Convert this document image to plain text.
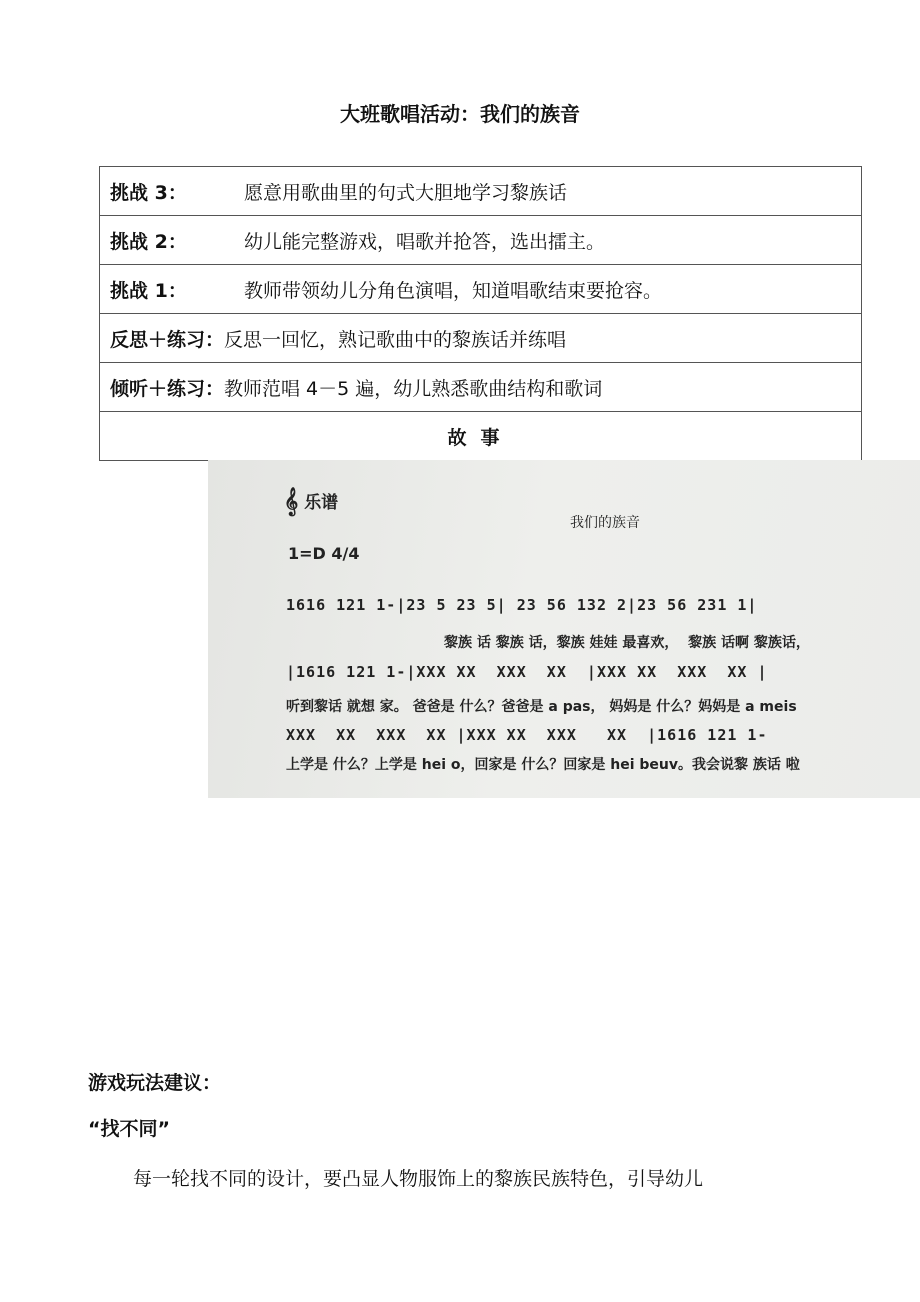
大班歌唱活动：我们的族音
挑战 3：	愿意用歌曲里的句式大胆地学习黎族话
挑战 2：	幼儿能完整游戏，唱歌并抢答，选出擂主。
挑战 1：	教师带领幼儿分角色演唱，知道唱歌结束要抢容。
反思＋练习：反思一回忆，熟记歌曲中的黎族话并练唱
倾听＋练习：教师范唱 4－5 遍，幼儿熟悉歌曲结构和歌词
故事
𝄞 乐谱
我们的族音
1=D 4/4
1616 121 1-|23 5 23 5| 23 56 132 2|23 56 231 1|
黎族 话 黎族 话，黎族 娃娃 最喜欢，  黎族 话啊 黎族话，
|1616 121 1-|XXX XX  XXX  XX  |XXX XX  XXX  XX |
听到黎话 就想 家。 爸爸是 什么？爸爸是 a pas， 妈妈是 什么？妈妈是 a meis
XXX  XX  XXX  XX |XXX XX  XXX   XX  |1616 121 1-
上学是 什么？上学是 hei o，回家是 什么？回家是 hei beuv。我会说黎 族话 啦
游戏玩法建议：
“找不同”
每一轮找不同的设计，要凸显人物服饰上的黎族民族特色，引导幼儿
